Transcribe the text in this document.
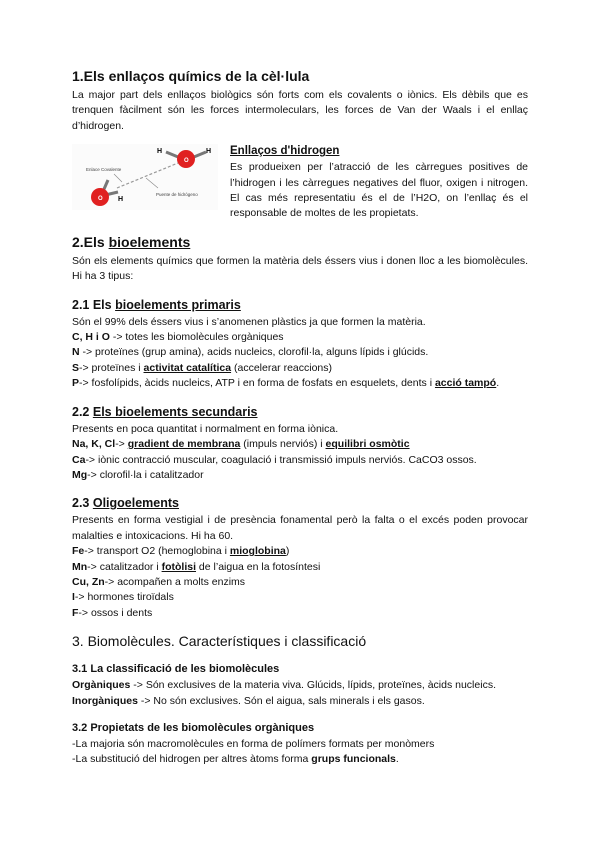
1.Els enllaços químics de la cèl·lula

La major part dels enllaços biològics són forts com els covalents o iònics. Els dèbils que es trenquen fàcilment són les forces intermoleculars, les forces de Van der Waals i el enllaç d’hidrogen.

O
H	H
O H
Enlace Covalente
Puente de hidrógeno
Enllaços d'hidrogen

Es produeixen per l’atracció de les càrregues positives de l’hidrogen i les càrregues negatives del fluor, oxigen i nitrogen. El cas més representatiu és el de l’H2O, on l’enllaç és el responsable de moltes de les propietats.

2.Els bioelements

Són els elements químics que formen la matèria dels éssers vius i donen lloc a les biomolècules. Hi ha 3 tipus:

2.1 Els bioelements primaris

Són el 99% dels éssers vius i s’anomenen plàstics ja que formen la matèria.

C, H i O -> totes les biomolècules orgàniques

N -> proteïnes (grup amina), acids nucleics, clorofil·la, alguns lípids i glúcids.

S-> proteïnes i activitat catalítica (accelerar reaccions)

P-> fosfolípids, àcids nucleics, ATP i en forma de fosfats en esquelets, dents i acció tampó.

2.2 Els bioelements secundaris

Presents en poca quantitat i normalment en forma iònica.

Na, K, Cl-> gradient de membrana (impuls nerviós) i equilibri osmòtic

Ca-> iònic contracció muscular, coagulació i transmissió impuls nerviós. CaCO3 ossos.

Mg-> clorofil·la i catalitzador

2.3 Oligoelements

Presents en forma vestigial i de presència fonamental però la falta o el excés poden provocar malalties e intoxicacions. Hi ha 60.

Fe-> transport O2 (hemoglobina i mioglobina)

Mn-> catalitzador i fotòlisi de l’aigua en la fotosíntesi

Cu, Zn-> acompañen a molts enzims

I-> hormones tiroïdals

F-> ossos i dents

3. Biomolècules. Característiques i classificació
3.1 La classificació de les biomolècules

Orgàniques -> Són exclusives de la materia viva. Glúcids, lípids, proteïnes, àcids nucleics.

Inorgàniques -> No són exclusives. Són el aigua, sals minerals i els gasos.

3.2 Propietats de les biomolècules orgàniques

-La majoria són macromolècules en forma de polímers formats per monòmers

-La substitució del hidrogen per altres àtoms forma grups funcionals.
